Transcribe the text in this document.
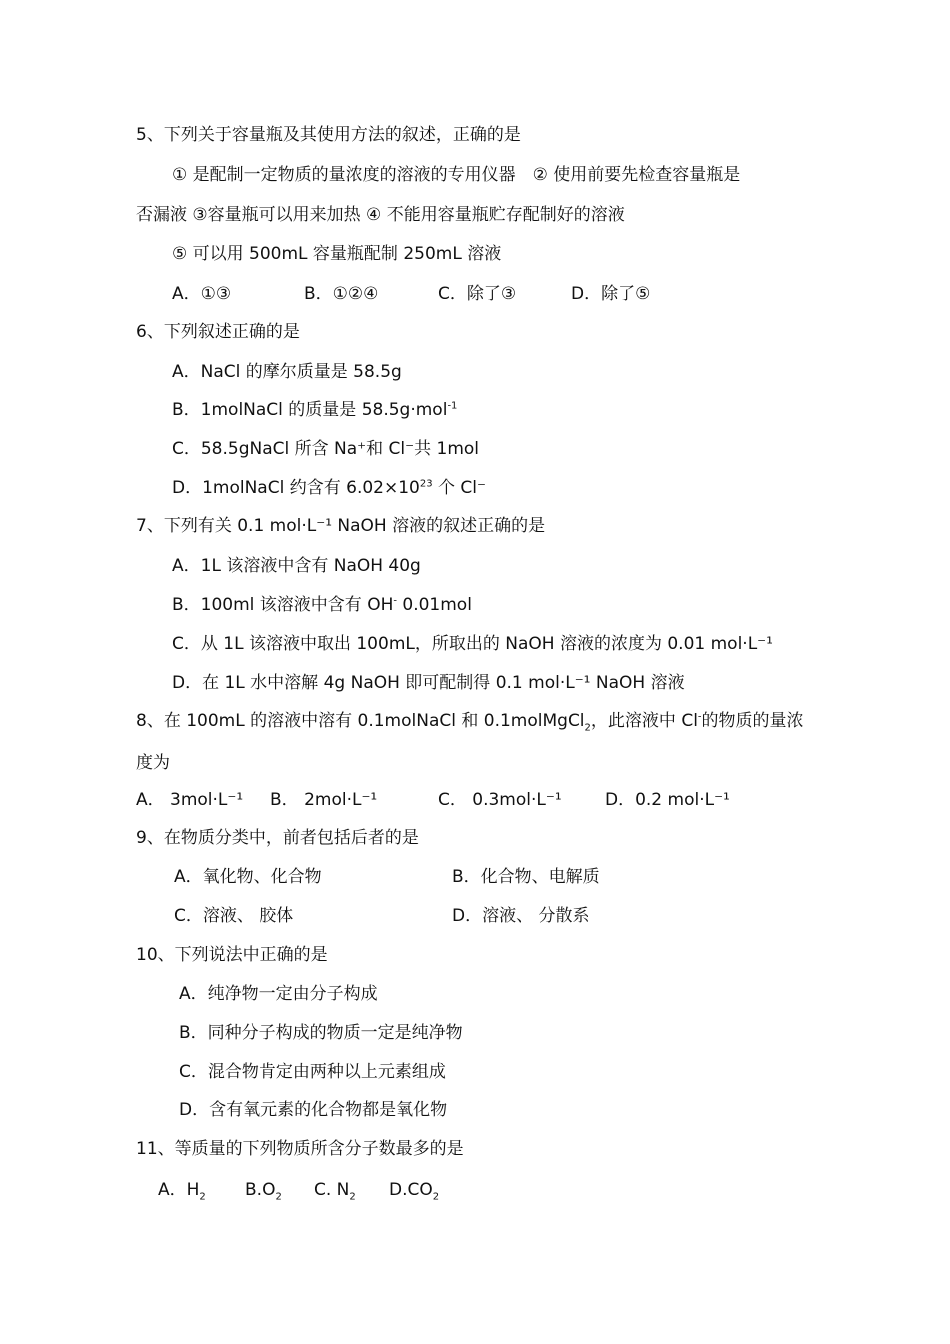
5、下列关于容量瓶及其使用方法的叙述，正确的是
① 是配制一定物质的量浓度的溶液的专用仪器　② 使用前要先检查容量瓶是
否漏液 ③容量瓶可以用来加热 ④ 不能用容量瓶贮存配制好的溶液
⑤ 可以用 500mL 容量瓶配制 250mL 溶液
A．①③	B．①②④	C．除了③	D．除了⑤
6、下列叙述正确的是
A．NaCl 的摩尔质量是 58.5g
B．1molNaCl 的质量是 58.5g·mol$^{-1}$
C．58.5gNaCl 所含 Na⁺和 Cl⁻共 1mol
D．1molNaCl 约含有 $6.02\times 10^{23}$ 个 Cl⁻
7、下列有关 0.1 mol·L⁻¹ NaOH 溶液的叙述正确的是
A．1L 该溶液中含有 NaOH 40g
B．100ml 该溶液中含有 OH- 0.01mol
C．从 1L 该溶液中取出 100mL，所取出的 NaOH 溶液的浓度为 0.01 mol·L⁻¹
D．在 1L 水中溶解 4g NaOH 即可配制得 0.1 mol·L⁻¹ NaOH 溶液
8、在 100mL 的溶液中溶有 0.1molNaCl 和 0.1molMgCl$_2$，此溶液中 Cl-的物质的量浓
度为
A． 3mol·L⁻¹ B． 2mol·L⁻¹	C． 0.3mol·L⁻¹	D．0.2 mol·L⁻¹
9、在物质分类中，前者包括后者的是
A．氧化物、化合物	B．化合物、电解质
C．溶液、 胶体	D．溶液、 分散系
10、下列说法中正确的是
A．纯净物一定由分子构成
B．同种分子构成的物质一定是纯净物
C．混合物肯定由两种以上元素组成
D．含有氧元素的化合物都是氧化物
11、等质量的下列物质所含分子数最多的是
A．$H_2$ $B.O_2$ C. $N_2$ $D.CO_2$
